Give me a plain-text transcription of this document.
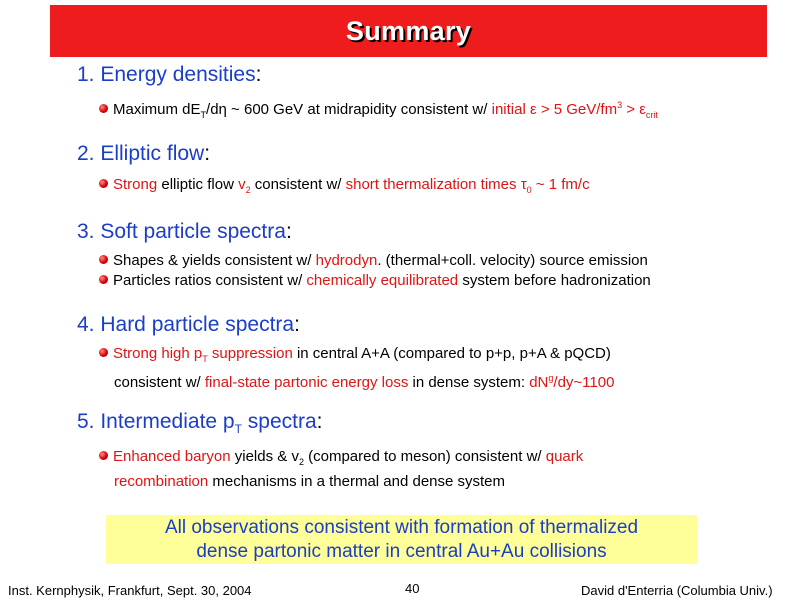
Summary
1. Energy densities:
Maximum $dE_T/d\eta$ ~ 600 GeV at midrapidity consistent w/ initial ε > 5 GeV/$fm^3 > \varepsilon_{crit}$
2. Elliptic flow:
Strong elliptic flow $v_2$ consistent w/ short thermalization times $\tau_0$ ~ 1 fm/c
3. Soft particle spectra:
Shapes & yields consistent w/ hydrodyn. (thermal+coll. velocity) source emission
Particles ratios consistent w/ chemically equilibrated system before hadronization
4. Hard particle spectra:
Strong high $p_T$ suppression in central A+A (compared to p+p, p+A & pQCD)
consistent w/ final-state partonic energy loss in dense system: $dN^g/dy\sim 1100$
5. Intermediate $p_T$ spectra:
Enhanced baryon yields & $v_2$ (compared to meson) consistent w/ quark
recombination mechanisms in a thermal and dense system
All observations consistent with formation of thermalized
dense partonic matter in central Au+Au collisions
Inst. Kernphysik, Frankfurt, Sept. 30, 2004	40	David d'Enterria (Columbia Univ.)
